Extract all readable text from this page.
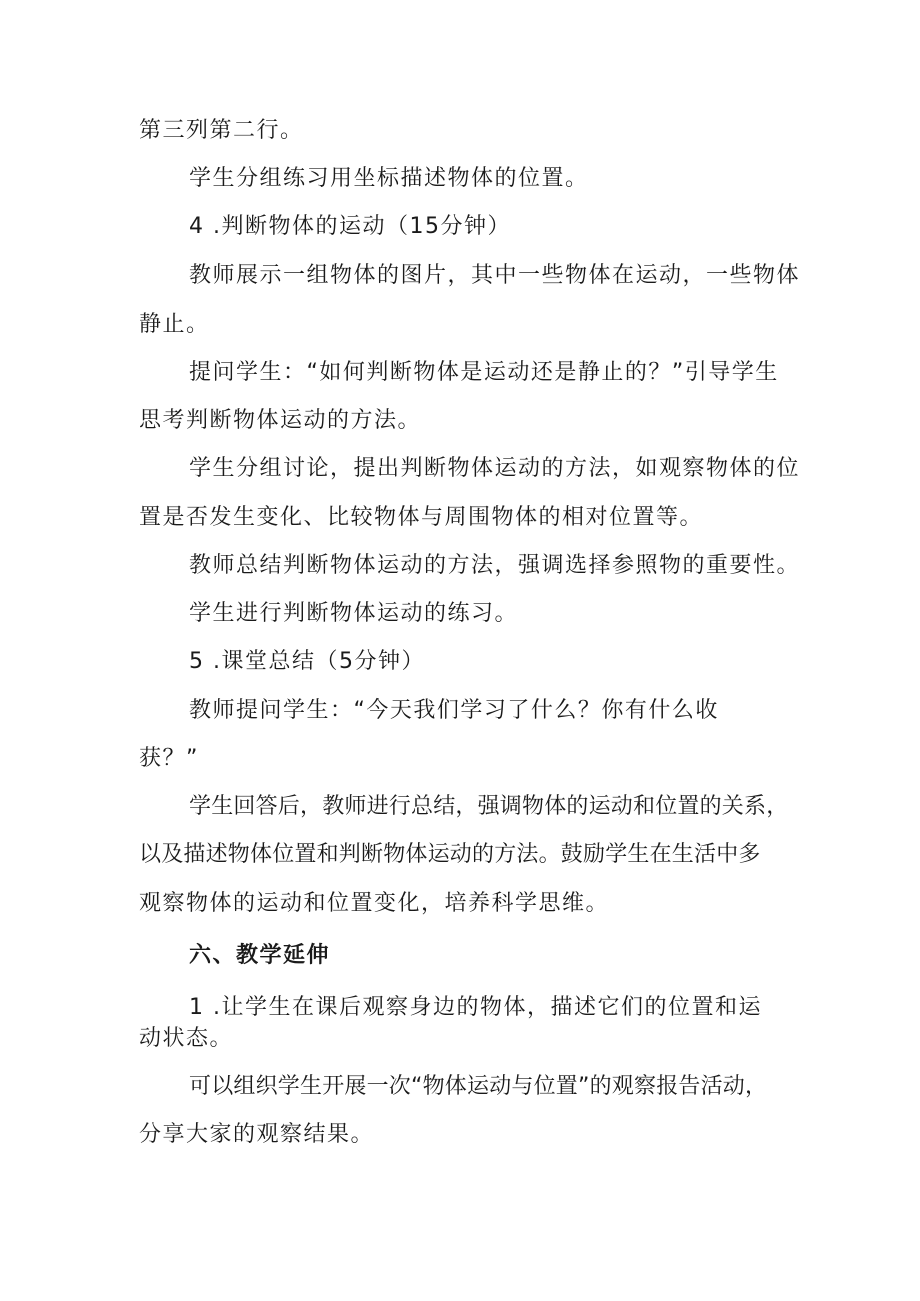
第三列第二行。
学生分组练习用坐标描述物体的位置。
4 .判断物体的运动（15分钟）
教师展示一组物体的图片，其中一些物体在运动，一些物体
静止。
提问学生：“如何判断物体是运动还是静止的？”引导学生
思考判断物体运动的方法。
学生分组讨论，提出判断物体运动的方法，如观察物体的位
置是否发生变化、比较物体与周围物体的相对位置等。
教师总结判断物体运动的方法，强调选择参照物的重要性。
学生进行判断物体运动的练习。
5 .课堂总结（5分钟）
教师提问学生：“今天我们学习了什么？你有什么收
获？”
学生回答后，教师进行总结，强调物体的运动和位置的关系，
以及描述物体位置和判断物体运动的方法。鼓励学生在生活中多
观察物体的运动和位置变化，培养科学思维。
六、教学延伸
1 .让学生在课后观察身边的物体，描述它们的位置和运
动状态。
可以组织学生开展一次“物体运动与位置”的观察报告活动，
分享大家的观察结果。
